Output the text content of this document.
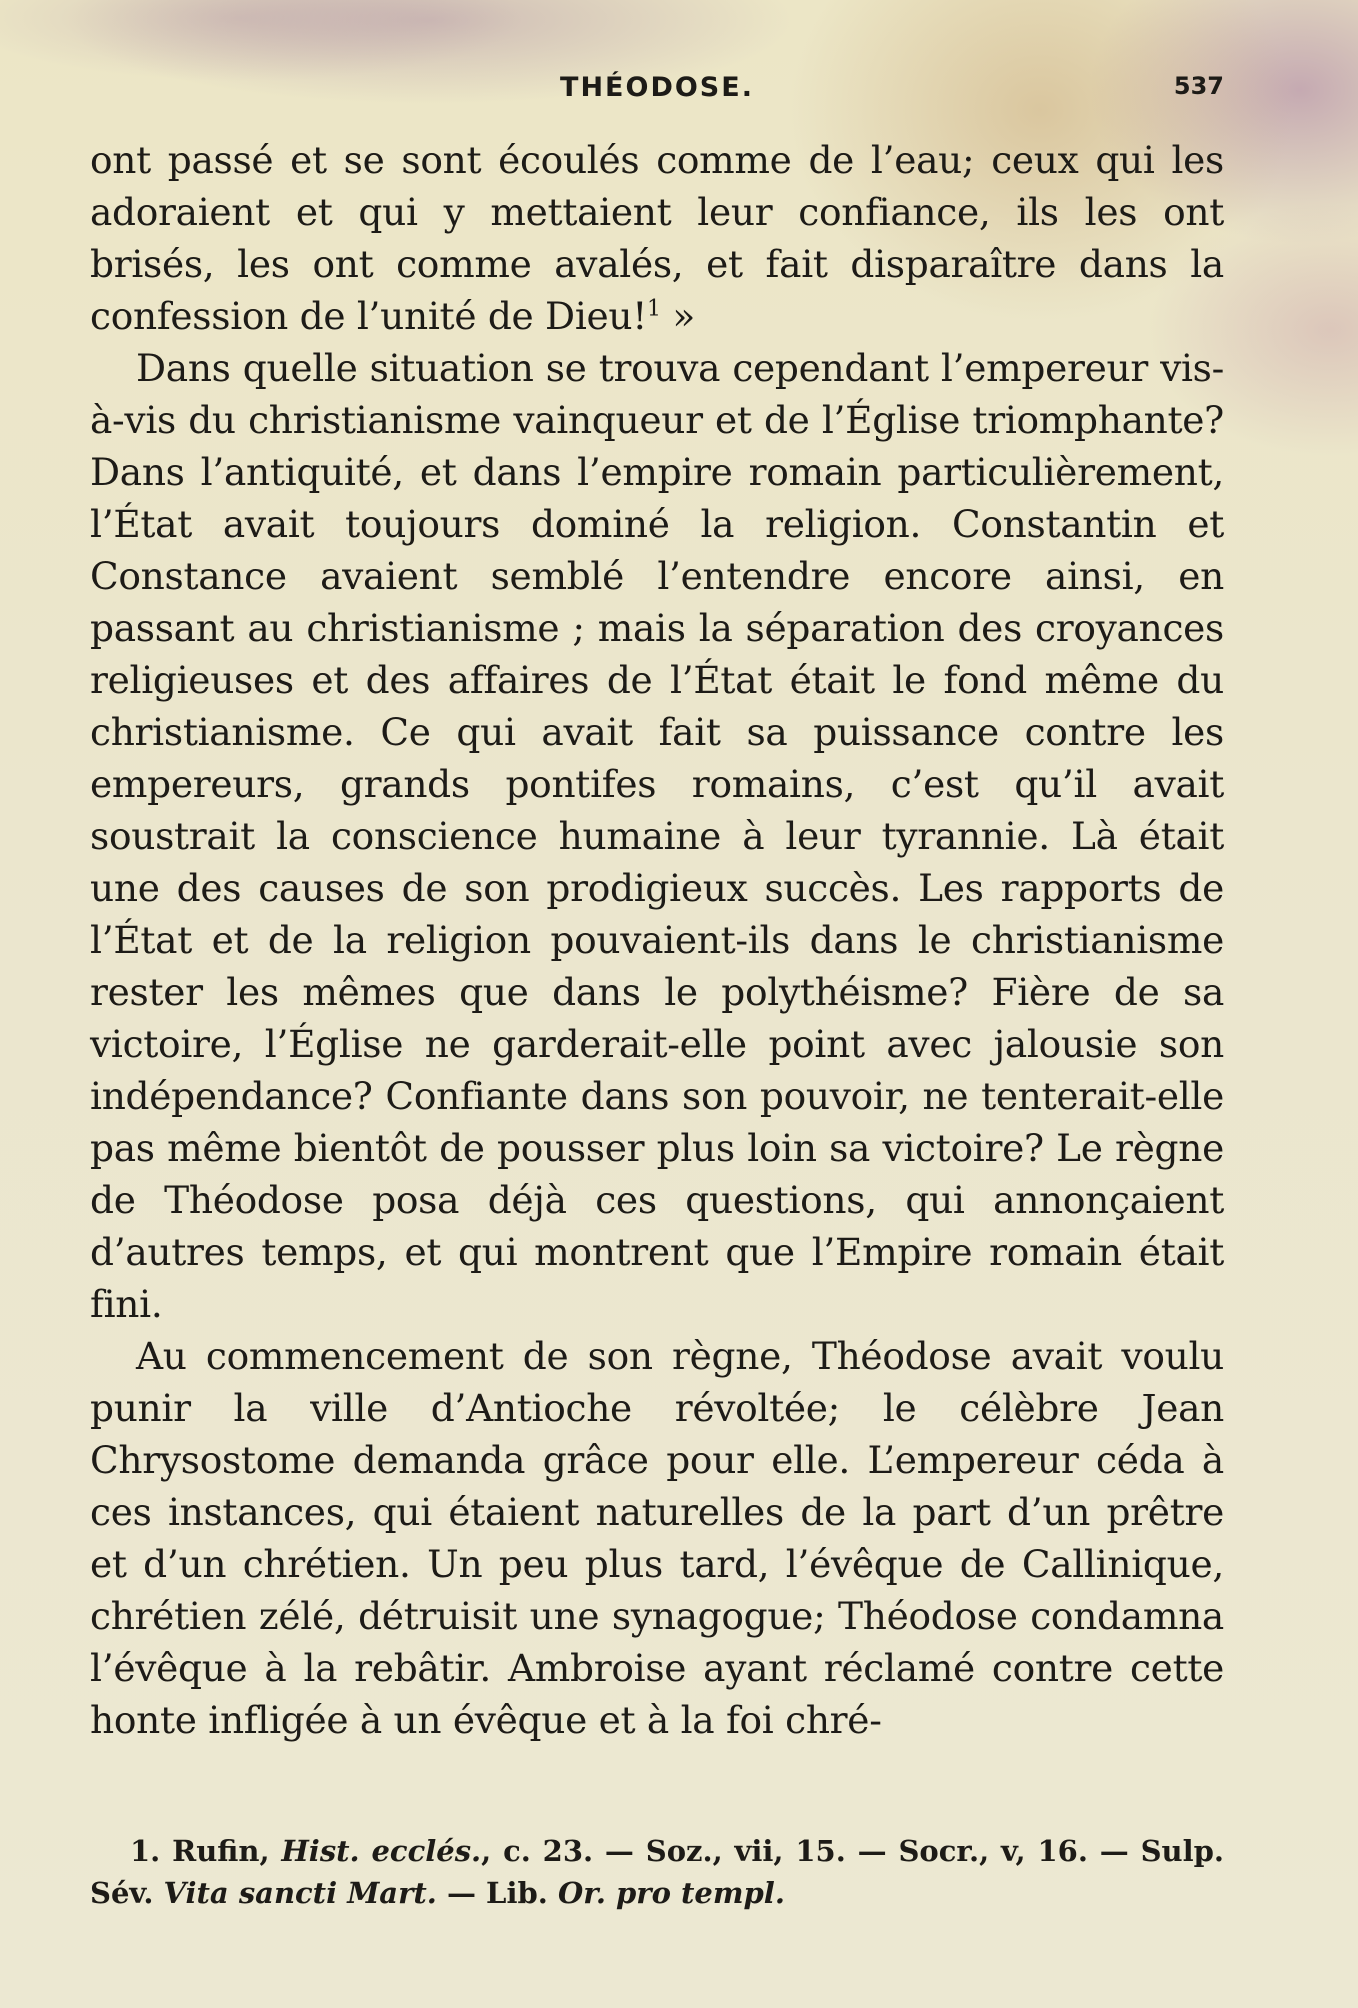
THÉODOSE.	537

ont passé et se sont écoulés comme de l’eau; ceux qui les adoraient et qui y mettaient leur confiance, ils les ont brisés, les ont comme avalés, et fait disparaître dans la confession de l’unité de Dieu!$^1$ »

Dans quelle situation se trouva cependant l’empereur vis-à-vis du christianisme vainqueur et de l’Église triomphante? Dans l’antiquité, et dans l’empire romain particulièrement, l’État avait toujours dominé la religion. Constantin et Constance avaient semblé l’entendre encore ainsi, en passant au christianisme ; mais la séparation des croyances religieuses et des affaires de l’État était le fond même du christianisme. Ce qui avait fait sa puissance contre les empereurs, grands pontifes romains, c’est qu’il avait soustrait la conscience humaine à leur tyrannie. Là était une des causes de son prodigieux succès. Les rapports de l’État et de la religion pouvaient-ils dans le christianisme rester les mêmes que dans le polythéisme? Fière de sa victoire, l’Église ne garderait-elle point avec jalousie son indépendance? Confiante dans son pouvoir, ne tenterait-elle pas même bientôt de pousser plus loin sa victoire? Le règne de Théodose posa déjà ces questions, qui annonçaient d’autres temps, et qui montrent que l’Empire romain était fini.

Au commencement de son règne, Théodose avait voulu punir la ville d’Antioche révoltée; le célèbre Jean Chrysostome demanda grâce pour elle. L’empereur céda à ces instances, qui étaient naturelles de la part d’un prêtre et d’un chrétien. Un peu plus tard, l’évêque de Callinique, chrétien zélé, détruisit une synagogue; Théodose condamna l’évêque à la rebâtir. Ambroise ayant réclamé contre cette honte infligée à un évêque et à la foi chré-

1. Rufin, Hist. ecclés., c. 23. — Soz., vii, 15. — Socr., v, 16. — Sulp. Sév. Vita sancti Mart. — Lib. Or. pro templ.
